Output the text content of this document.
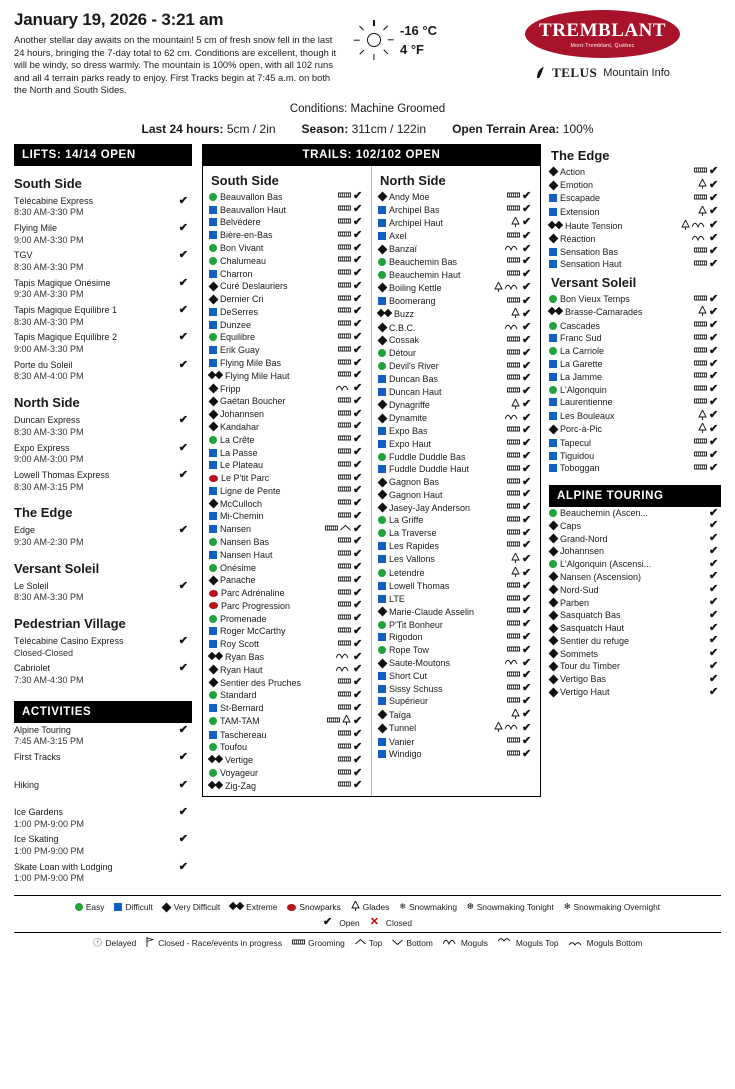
January 19, 2026 - 3:21 am
Another stellar day awaits on the mountain! 5 cm of fresh snow fell in the last 24 hours, bringing the 7-day total to 62 cm. Conditions are excellent, though it will be windy, so dress warmly. The mountain is 100% open, with all 102 runs and all 4 terrain parks ready to enjoy. First Tracks begin at 7:45 a.m. on both the North and South Sides.
-16 °C
4 °F
TREMBLANT
Mont-Tremblant, Québec
TELUS Mountain Info
Conditions: Machine Groomed
Last 24 hours: 5cm / 2in Season: 311cm / 122in Open Terrain Area: 100%
LIFTS: 14/14 OPEN
South Side
Télécabine Express
8:30 AM-3:30 PM
✔
Flying Mile
9:00 AM-3:30 PM
✔
TGV
8:30 AM-3:30 PM
✔
Tapis Magique Onésime
9:30 AM-3:30 PM
✔
Tapis Magique Equilibre 1
8:30 AM-3:30 PM
✔
Tapis Magique Equilibre 2
9:00 AM-3:30 PM
✔
Porte du Soleil
8:30 AM-4:00 PM
✔
North Side
Duncan Express
8:30 AM-3:30 PM
✔
Expo Express
9:00 AM-3:00 PM
✔
Lowell Thomas Express
8:30 AM-3:15 PM
✔
The Edge
Edge
9:30 AM-2:30 PM
✔
Versant Soleil
Le Soleil
8:30 AM-3:30 PM
✔
Pedestrian Village
Télécabine Casino Express
Closed-Closed
✔
Cabriolet
7:30 AM-4:30 PM
✔
ACTIVITIES
Alpine Touring
7:45 AM-3:15 PM
✔
First Tracks
	✔
Hiking
	✔
Ice Gardens
1:00 PM-9:00 PM
✔
Ice Skating
1:00 PM-9:00 PM
✔
Skate Loan with Lodging
1:00 PM-9:00 PM
✔
TRAILS: 102/102 OPEN
South Side
Beauvallon Bas	✔
Beauvallon Haut	✔
Belvédère	✔
Bière-en-Bas	✔
Bon Vivant	✔
Chalumeau	✔
Charron	✔
Curé Deslauriers	✔
Dernier Cri	✔
DeSerres	✔
Dunzee	✔
Equilibre	✔
Erik Guay	✔
Flying Mile Bas	✔
Flying Mile Haut	✔
Fripp	✔
Gaétan Boucher	✔
Johannsen	✔
Kandahar	✔
La Crête	✔
La Passe	✔
Le Plateau	✔
Le P'tit Parc	✔
Ligne de Pente	✔
McCulloch	✔
Mi-Chemin	✔
Nansen	✔
Nansen Bas	✔
Nansen Haut	✔
Onésime	✔
Panache	✔
Parc Adrénaline	✔
Parc Progression	✔
Promenade	✔
Roger McCarthy	✔
Roy Scott	✔
Ryan Bas	✔
Ryan Haut	✔
Sentier des Pruches	✔
Standard	✔
St-Bernard	✔
TAM-TAM	✔
Taschereau	✔
Toufou	✔
Vertige	✔
Voyageur	✔
Zig-Zag	✔
North Side
Andy Moe	✔
Archipel Bas	✔
Archipel Haut	✔
Axel	✔
Banzaï	✔
Beauchemin Bas	✔
Beauchemin Haut	✔
Boiling Kettle	✔
Boomerang	✔
Buzz	✔
C.B.C.	✔
Cossak	✔
Détour	✔
Devil's River	✔
Duncan Bas	✔
Duncan Haut	✔
Dynagriffe	✔
Dynamite	✔
Expo Bas	✔
Expo Haut	✔
Fuddle Duddle Bas	✔
Fuddle Duddle Haut	✔
Gagnon Bas	✔
Gagnon Haut	✔
Jasey-Jay Anderson	✔
La Griffe	✔
La Traverse	✔
Les Rapides	✔
Les Vallons	✔
Letendre	✔
Lowell Thomas	✔
LTE	✔
Marie-Claude Asselin	✔
P'Tit Bonheur	✔
Rigodon	✔
Rope Tow	✔
Saute-Moutons	✔
Short Cut	✔
Sissy Schuss	✔
Supérieur	✔
Taïga	✔
Tunnel	✔
Vanier	✔
Windigo	✔
The Edge
Action	✔
Emotion	✔
Escapade	✔
Extension	✔
Haute Tension	✔
Réaction	✔
Sensation Bas	✔
Sensation Haut	✔
Versant Soleil
Bon Vieux Temps	✔
Brasse-Camarades	✔
Cascades	✔
Franc Sud	✔
La Carriole	✔
La Garette	✔
La Jamme	✔
L'Algonquin	✔
Laurentienne	✔
Les Bouleaux	✔
Porc-à-Pic	✔
Tapecul	✔
Tiguidou	✔
Toboggan	✔
ALPINE TOURING
Beauchemin (Ascen...	✔
Caps	✔
Grand-Nord	✔
Johannsen	✔
L'Algonquin (Ascensi...	✔
Nansen (Ascension)	✔
Nord-Sud	✔
Parben	✔
Sasquatch Bas	✔
Sasquatch Haut	✔
Sentier du refuge	✔
Sommets	✔
Tour du Timber	✔
Vertigo Bas	✔
Vertigo Haut	✔
Easy	Difficult	Very Difficult	Extreme	Snowparks	Glades ❄ Snowmaking ❆ Snowmaking Tonight ✻ Snowmaking Overnight
✔ Open ✕ Closed
🕐 Delayed	Closed - Race/events in progress	Grooming	Top	Bottom	Moguls	Moguls Top	Moguls Bottom
